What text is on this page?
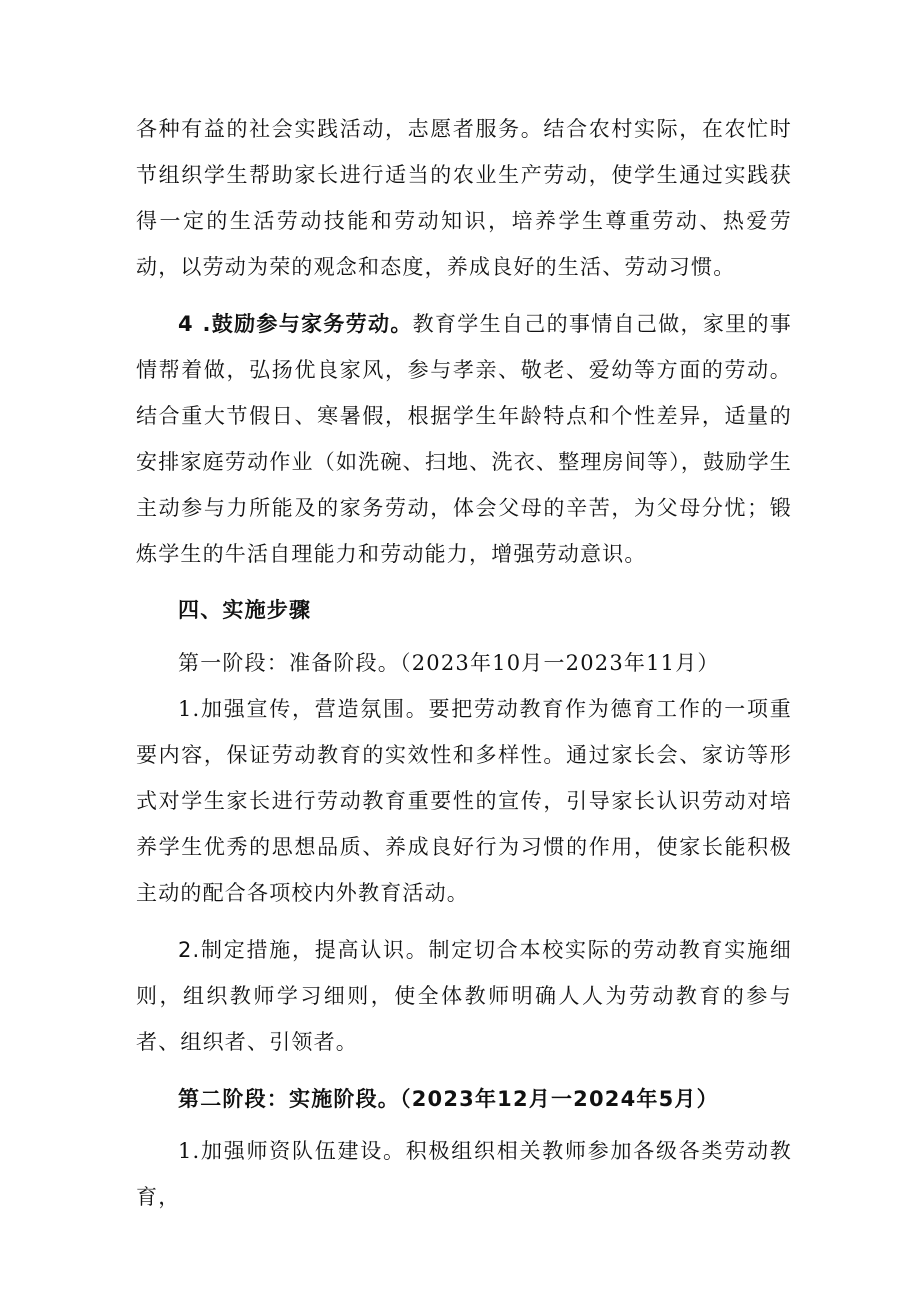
各种有益的社会实践活动，志愿者服务。结合农村实际，在农忙时节组织学生帮助家长进行适当的农业生产劳动，使学生通过实践获得一定的生活劳动技能和劳动知识，培养学生尊重劳动、热爱劳动，以劳动为荣的观念和态度，养成良好的生活、劳动习惯。

4 .鼓励参与家务劳动。教育学生自己的事情自己做，家里的事情帮着做，弘扬优良家风，参与孝亲、敬老、爱幼等方面的劳动。结合重大节假日、寒暑假，根据学生年龄特点和个性差异，适量的安排家庭劳动作业（如洗碗、扫地、洗衣、整理房间等），鼓励学生主动参与力所能及的家务劳动，体会父母的辛苦，为父母分忧；锻炼学生的牛活自理能力和劳动能力，增强劳动意识。

四、实施步骤

第一阶段：准备阶段。（2023年10月一2023年11月）

1.加强宣传，营造氛围。要把劳动教育作为德育工作的一项重要内容，保证劳动教育的实效性和多样性。通过家长会、家访等形式对学生家长进行劳动教育重要性的宣传，引导家长认识劳动对培养学生优秀的思想品质、养成良好行为习惯的作用，使家长能积极主动的配合各项校内外教育活动。

2.制定措施，提高认识。制定切合本校实际的劳动教育实施细则，组织教师学习细则，使全体教师明确人人为劳动教育的参与者、组织者、引领者。

第二阶段：实施阶段。（2023年12月一2024年5月）

1.加强师资队伍建设。积极组织相关教师参加各级各类劳动教育，
